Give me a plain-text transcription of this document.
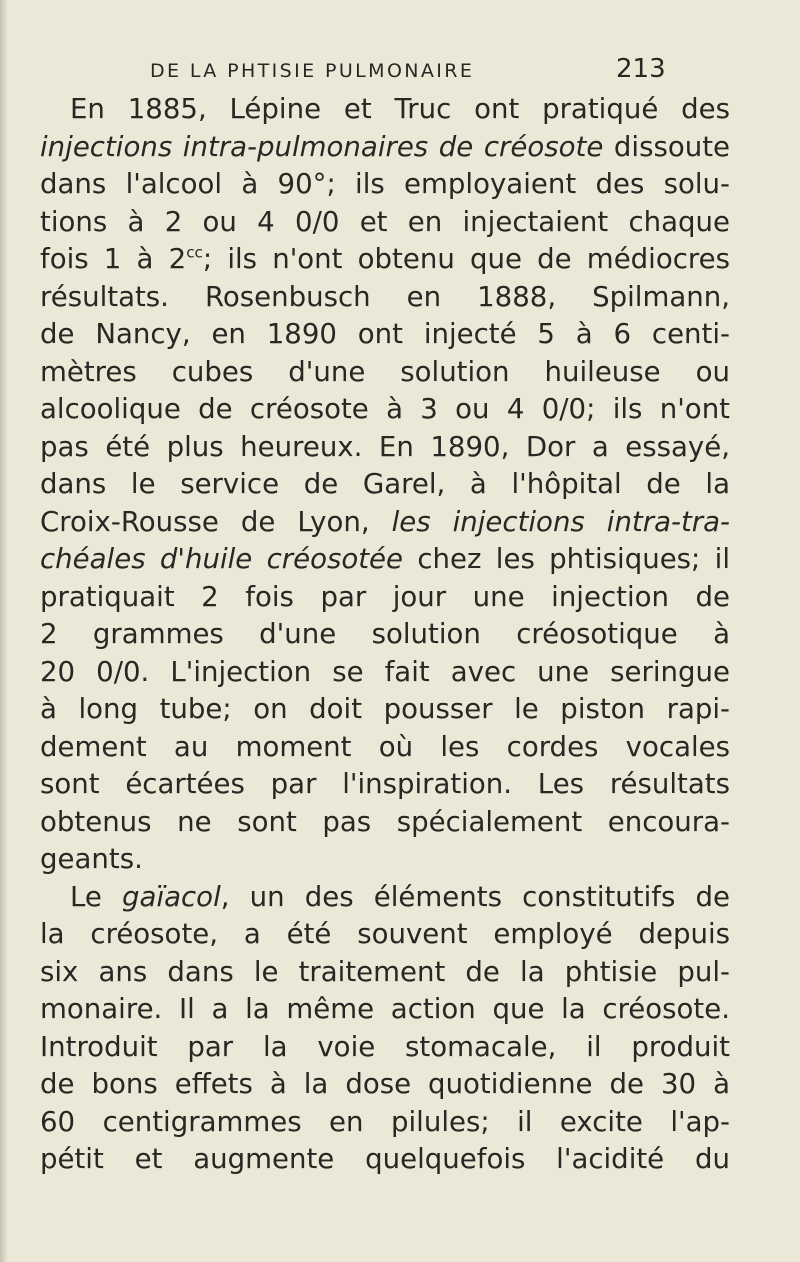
DE LA PHTISIE PULMONAIRE	213
En 1885, Lépine et Truc ont pratiqué des
injections intra-pulmonaires de créosote dissoute
dans l'alcool à 90°; ils employaient des solu-
tions à 2 ou 4 0/0 et en injectaient chaque
fois 1 à $2^{cc}$; ils n'ont obtenu que de médiocres
résultats. Rosenbusch en 1888, Spilmann,
de Nancy, en 1890 ont injecté 5 à 6 centi-
mètres cubes d'une solution huileuse ou
alcoolique de créosote à 3 ou 4 0/0; ils n'ont
pas été plus heureux. En 1890, Dor a essayé,
dans le service de Garel, à l'hôpital de la
Croix-Rousse de Lyon, les injections intra-tra-
chéales d'huile créosotée chez les phtisiques; il
pratiquait 2 fois par jour une injection de
2 grammes d'une solution créosotique à
20 0/0. L'injection se fait avec une seringue
à long tube; on doit pousser le piston rapi-
dement au moment où les cordes vocales
sont écartées par l'inspiration. Les résultats
obtenus ne sont pas spécialement encoura-
geants.
Le gaïacol, un des éléments constitutifs de
la créosote, a été souvent employé depuis
six ans dans le traitement de la phtisie pul-
monaire. Il a la même action que la créosote.
Introduit par la voie stomacale, il produit
de bons effets à la dose quotidienne de 30 à
60 centigrammes en pilules; il excite l'ap-
pétit et augmente quelquefois l'acidité du
